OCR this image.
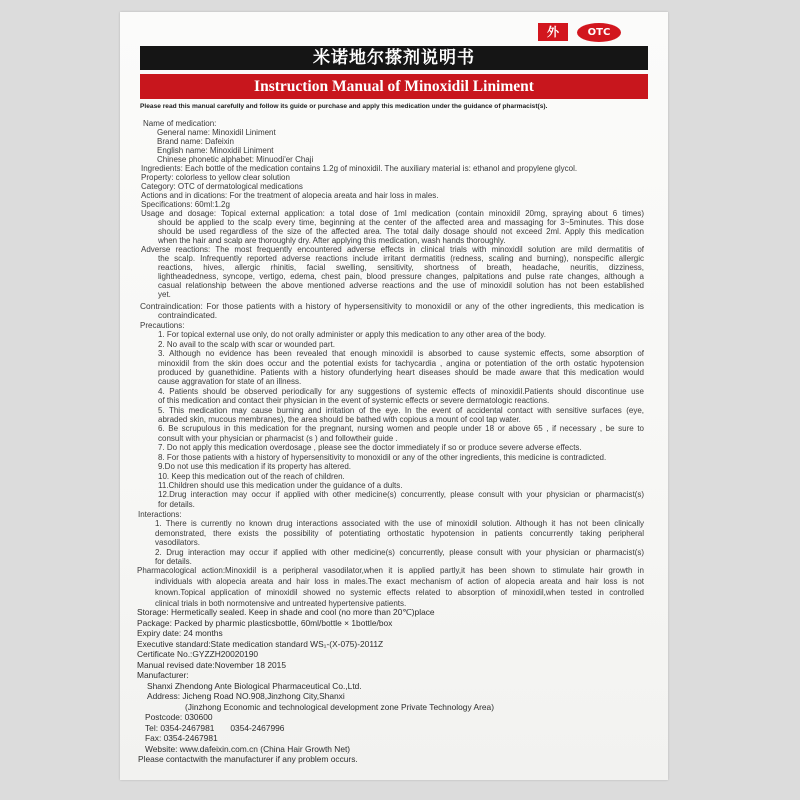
外	OTC
米诺地尔搽剂说明书
Instruction Manual of Minoxidil Liniment
Please read this manual carefully and follow its guide or purchase and apply this medication under the guidance of pharmacist(s).
Name of medication:
General name: Minoxidil Liniment
Brand name: Dafeixin
English name: Minoxidil Liniment
Chinese phonetic alphabet: Minuodi'er Chaji
Ingredients: Each bottle of the medication contains 1.2g of minoxidil. The auxiliary material is: ethanol and propylene glycol.
Property: colorless to yellow clear solution
Category: OTC of dermatological medications
Actions and in dications: For the treatment of alopecia areata and hair loss in males.
Specifications: 60ml:1.2g
Usage and dosage: Topical external application: a total dose of 1ml medication (contain minoxidil 20mg, spraying about 6 times)
should be applied to the scalp every time, beginning at the center of the affected area and massaging for 3~5minutes. This dose
should be used regardless of the size of the affected area. The total daily dosage should not exceed 2ml. Apply this medication
when the hair and scalp are thoroughly dry. After applying this medication, wash hands thoroughly.
Adverse reactions: The most frequently encountered adverse effects in clinical trials with minoxidil solution are mild dermatitis of
the scalp. Infrequently reported adverse reactions include irritant dermatitis (redness, scaling and burning), nonspecific allergic
reactions, hives, allergic rhinitis, facial swelling, sensitivity, shortness of breath, headache, neuritis, dizziness,
lightheadedness, syncope, vertigo, edema, chest pain, blood pressure changes, palpitations and pulse rate changes, although a
casual relationship between the above mentioned adverse reactions and the use of minoxidil solution has not been established
yet.
Contraindication: For those patients with a history of hypersensitivity to monoxidil or any of the other ingredients, this medication is
contraindicated.
Precautions:
1. For topical external use only, do not orally administer or apply this medication to any other area of the body.
2. No avail to the scalp with scar or wounded part.
3. Although no evidence has been revealed that enough minoxidil is absorbed to cause systemic effects, some absorption of
minoxidil from the skin does occur and the potential exists for tachycardia , angina or potentiation of the orth ostatic hypotension
produced by guanethidine. Patients with a history ofunderlying heart diseases should be made aware that this medication would
cause aggravation for state of an illness.
4. Patients should be observed periodically for any suggestions of systemic effects of minoxidil.Patients should discontinue use
of this medication and contact their physician in the event of systemic effects or severe dermatologic reactions.
5. This medication may cause burning and irritation of the eye. In the event of accidental contact with sensitive surfaces (eye,
abraded skin, mucous membranes), the area should be bathed with copious a mount of cool tap water.
6. Be scrupulous in this medication for the pregnant, nursing women and people under 18 or above 65 , if necessary , be sure to
consult with your physician or pharmacist (s ) and followtheir guide .
7. Do not apply this medication overdosage , please see the doctor immediately if so or produce severe adverse effects.
8. For those patients with a history of hypersensitivity to monoxidil or any of the other ingredients, this medicine is contradicted.
9.Do not use this medication if its property has altered.
10. Keep this medication out of the reach of children.
11.Children should use this medication under the guidance of a dults.
12.Drug interaction may occur if applied with other medicine(s) concurrently, please consult with your physician or pharmacist(s)
for details.
Interactions:
1. There is currently no known drug interactions associated with the use of minoxidil solution. Although it has not been clinically
demonstrated, there exists the possibility of potentiating orthostatic hypotension in patients concurrently taking peripheral
vasodilators.
2. Drug interaction may occur if applied with other medicine(s) concurrently, please consult with your physician or pharmacist(s)
for details.
Pharmacological action:Minoxidil is a peripheral vasodilator,when it is applied partly,it has been shown to stimulate hair growth in
individuals with alopecia areata and hair loss in males.The exact mechanism of action of alopecia areata and hair loss is not
known.Topical application of minoxidil showed no systemic effects related to absorption of minoxidil,when tested in controlled
clinical trials in both normotensive and untreated hypertensive patients.
Storage: Hermetically sealed. Keep in shade and cool (no more than 20℃)place
Package: Packed by pharmic plasticsbottle, 60ml/bottle × 1bottle/box
Expiry date: 24 months
Executive standard:State medication standard WS₁-(X-075)-2011Z
Certificate No.:GYZZH20020190
Manual revised date:November 18 2015
Manufacturer:
Shanxi Zhendong Ante Biological Pharmaceutical Co.,Ltd.
Address: Jicheng Road NO.908,Jinzhong City,Shanxi
(Jinzhong Economic and technological development zone Private Technology Area)
Postcode: 030600
Tel: 0354-2467981 0354-2467996
Fax: 0354-2467981
Website: www.dafeixin.com.cn (China Hair Growth Net)
Please contactwith the manufacturer if any problem occurs.
